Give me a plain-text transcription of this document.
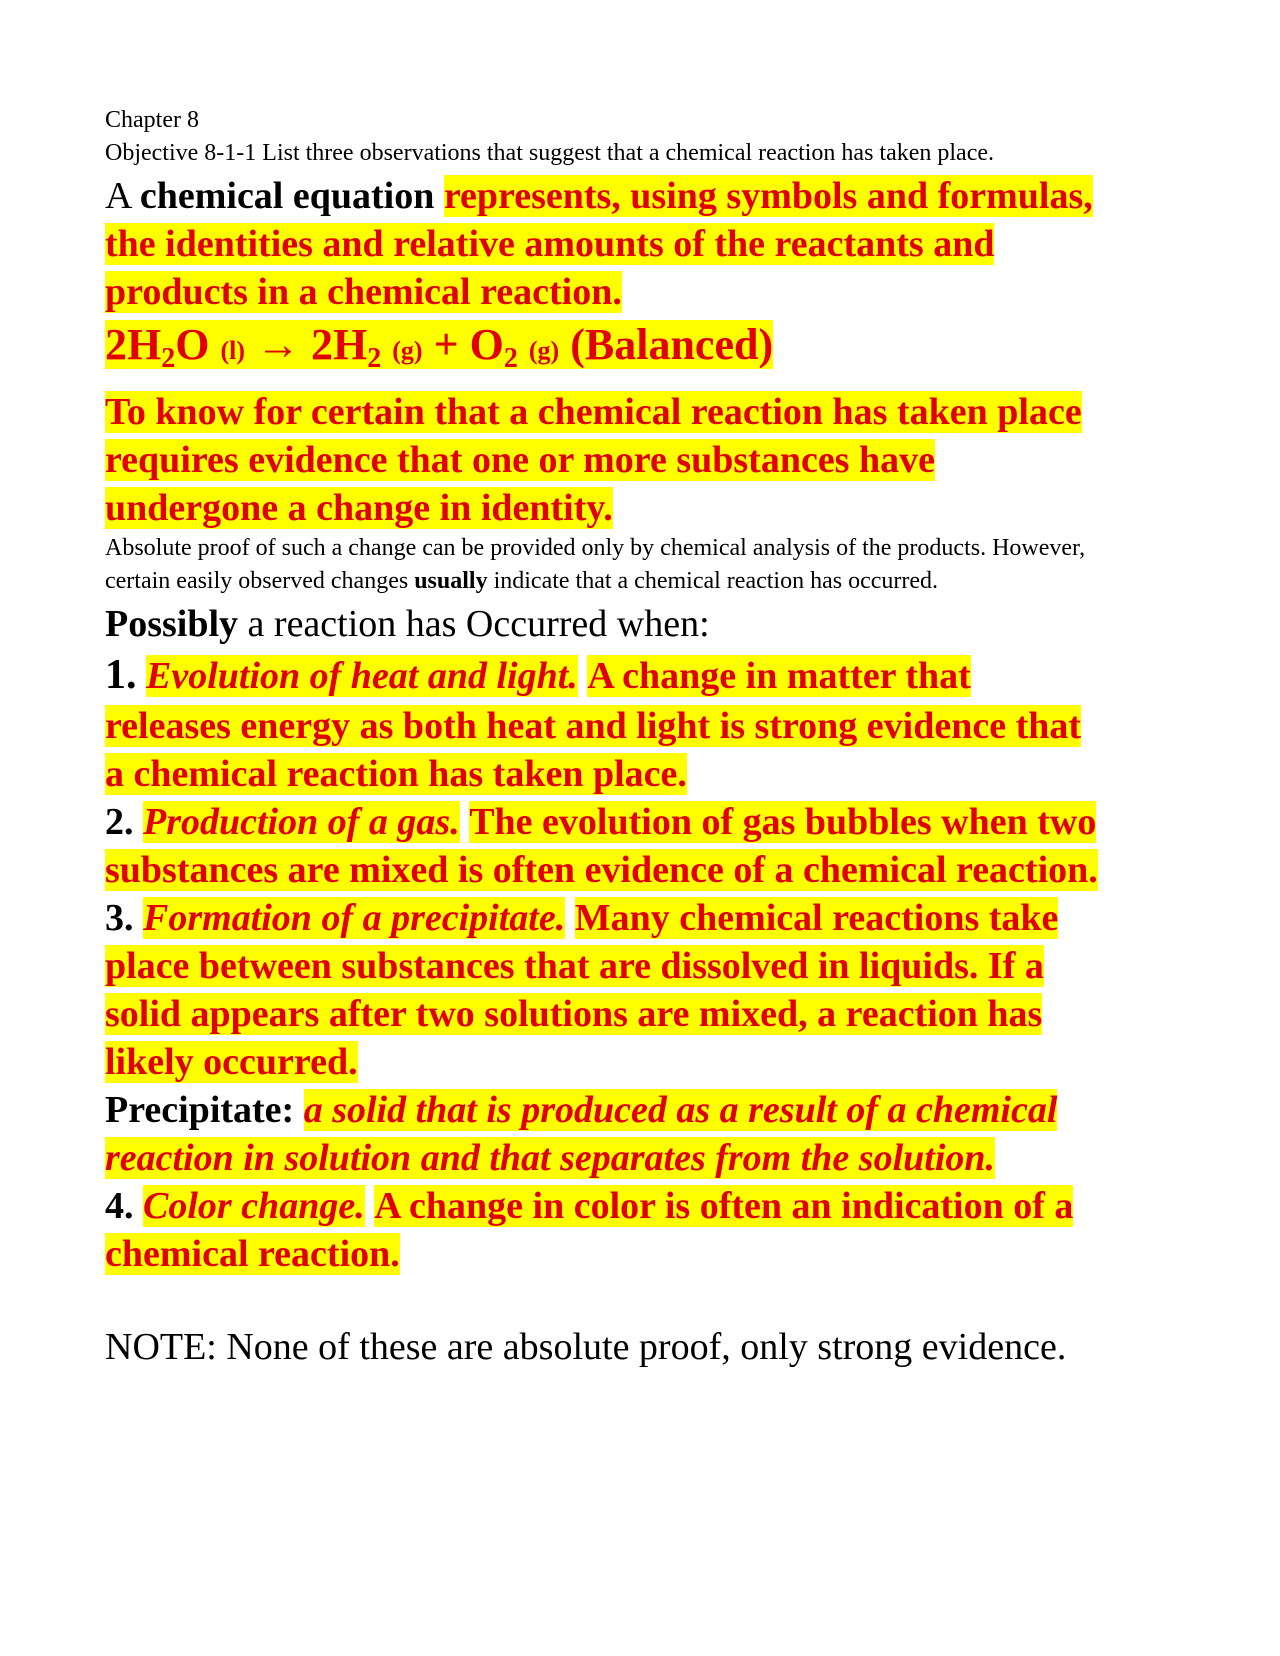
Chapter 8
Objective 8-1-1 List three observations that suggest that a chemical reaction has taken place.
A chemical equation represents, using symbols and formulas, the identities and relative amounts of the reactants and products in a chemical reaction.
$2H_2O$ $(l) \to 2H_2$ $(g) + O_2$ (g) (Balanced)
To know for certain that a chemical reaction has taken place requires evidence that one or more substances have undergone a change in identity.
Absolute proof of such a change can be provided only by chemical analysis of the products. However, certain easily observed changes usually indicate that a chemical reaction has occurred.
Possibly a reaction has Occurred when:
1. Evolution of heat and light. A change in matter that releases energy as both heat and light is strong evidence that a chemical reaction has taken place.
2. Production of a gas. The evolution of gas bubbles when two substances are mixed is often evidence of a chemical reaction.
3. Formation of a precipitate. Many chemical reactions take place between substances that are dissolved in liquids. If a solid appears after two solutions are mixed, a reaction has likely occurred.
Precipitate: a solid that is produced as a result of a chemical reaction in solution and that separates from the solution.
4. Color change. A change in color is often an indication of a chemical reaction.
NOTE: None of these are absolute proof, only strong evidence.
